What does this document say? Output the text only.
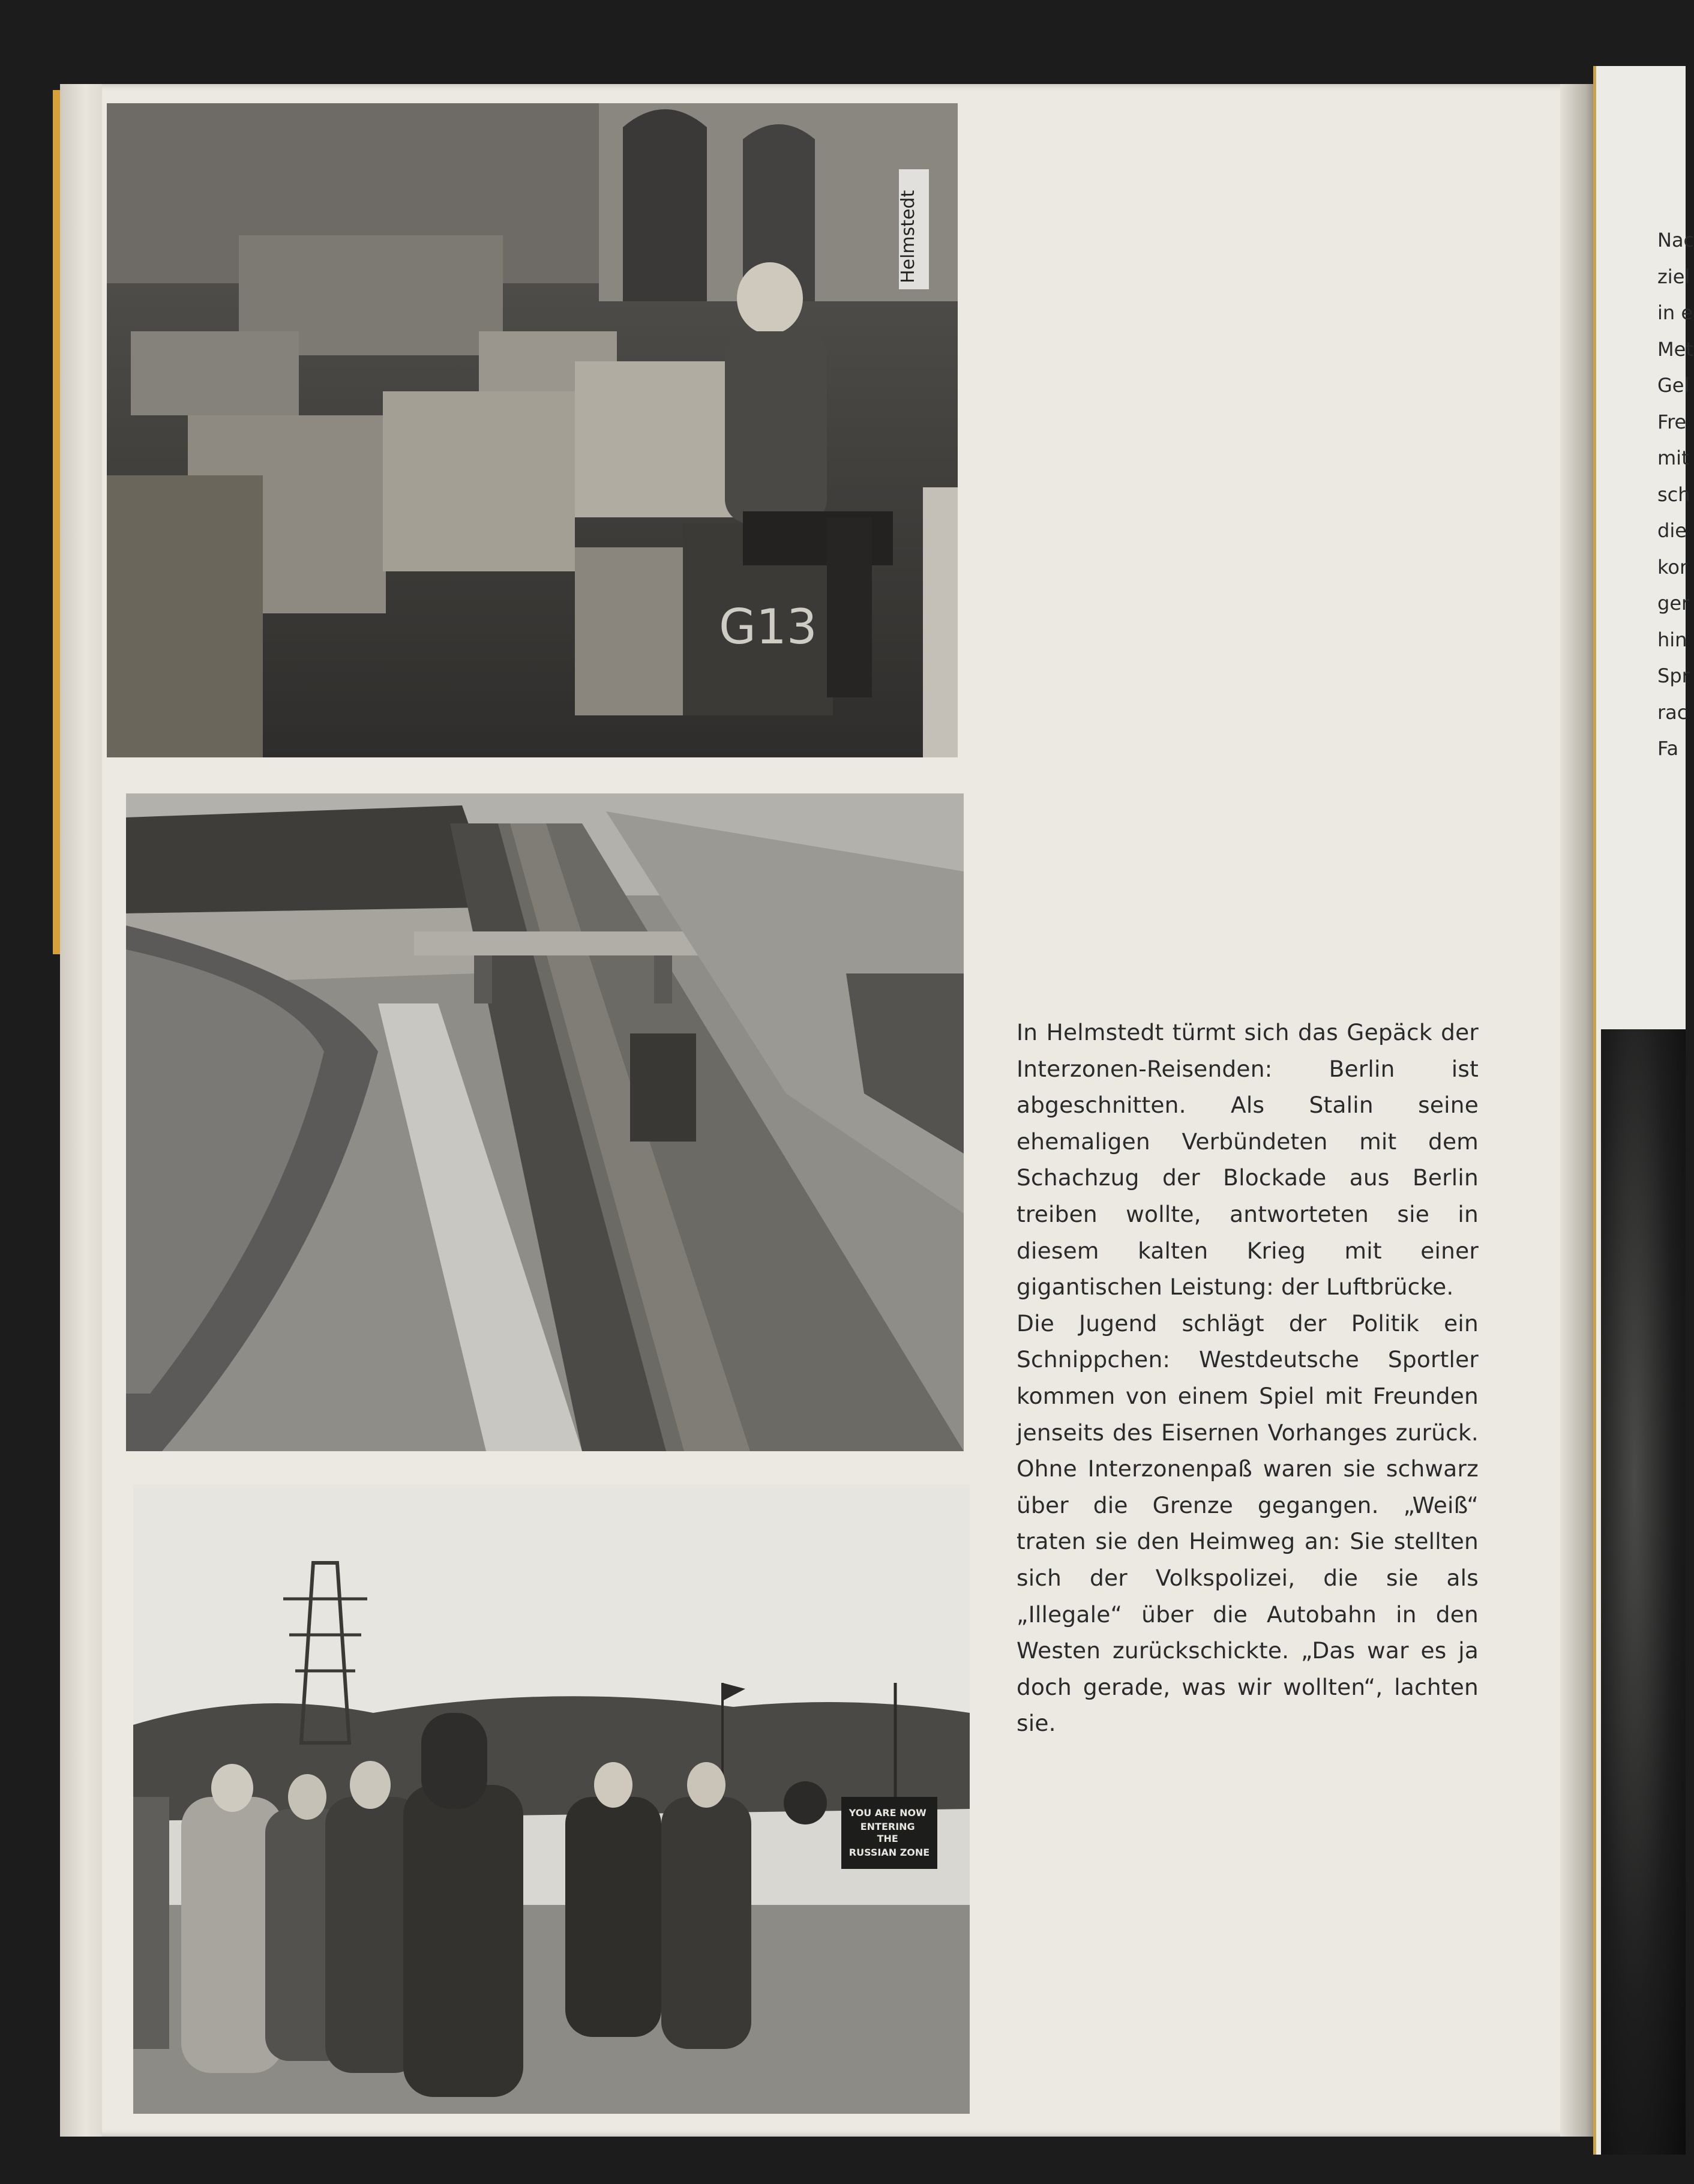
Helmstedt
G13
YOU ARE NOW ENTERING THE RUSSIAN ZONE

In Helmstedt türmt sich das Gepäck der Interzonen-Reisenden: Berlin ist abgeschnitten. Als Stalin seine ehemaligen Verbündeten mit dem Schachzug der Blockade aus Berlin treiben wollte, antworteten sie in diesem kalten Krieg mit einer gigantischen Leistung: der Luftbrücke.

Die Jugend schlägt der Politik ein Schnippchen: Westdeutsche Sportler kommen von einem Spiel mit Freunden jenseits des Eisernen Vorhanges zurück. Ohne Interzonenpaß waren sie schwarz über die Grenze gegangen. „Weiß“ traten sie den Heimweg an: Sie stellten sich der Volkspolizei, die sie als „Illegale“ über die Autobahn in den Westen zurückschickte. „Das war es ja doch gerade, was wir wollten“, lachten sie.

Nac
ziel
in e
Met
Gel
Fre
mit
sch
die
kor
ger
hin
Spr
rac
Fa
